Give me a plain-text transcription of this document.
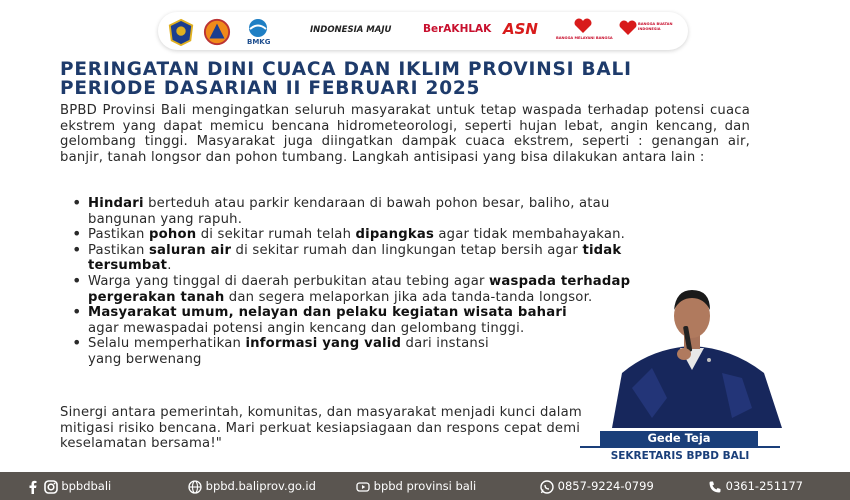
BMKG
INDONESIA MAJU	BerAKHLAK ASN	BANGGA MELAYANI BANGSA
BANGGA BUATAN INDONESIA
PERINGATAN DINI CUACA DAN IKLIM PROVINSI BALI
PERIODE DASARIAN II FEBRUARI 2025

BPBD Provinsi Bali mengingatkan seluruh masyarakat untuk tetap waspada terhadap potensi cuaca ekstrem yang dapat memicu bencana hidrometeorologi, seperti hujan lebat, angin kencang, dan gelombang tinggi. Masyarakat juga diingatkan dampak cuaca ekstrem, seperti : genangan air, banjir, tanah longsor dan pohon tumbang. Langkah antisipasi yang bisa dilakukan antara lain :

• Hindari berteduh atau parkir kendaraan di bawah pohon besar, baliho, atau bangunan yang rapuh.
• Pastikan pohon di sekitar rumah telah dipangkas agar tidak membahayakan.
• Pastikan saluran air di sekitar rumah dan lingkungan tetap bersih agar tidak tersumbat.
• Warga yang tinggal di daerah perbukitan atau tebing agar waspada terhadap pergerakan tanah dan segera melaporkan jika ada tanda-tanda longsor.
• Masyarakat umum, nelayan dan pelaku kegiatan wisata bahari agar mewaspadai potensi angin kencang dan gelombang tinggi.
• Selalu memperhatikan informasi yang valid dari instansi yang berwenang

Sinergi antara pemerintah, komunitas, dan masyarakat menjadi kunci dalam mitigasi risiko bencana. Mari perkuat kesiapsiagaan dan respons cepat demi keselamatan bersama!"	Gede Teja
SEKRETARIS BPBD BALI
bpbdbali	bpbd.baliprov.go.id	bpbd provinsi bali	0857-9224-0799	0361-251177
